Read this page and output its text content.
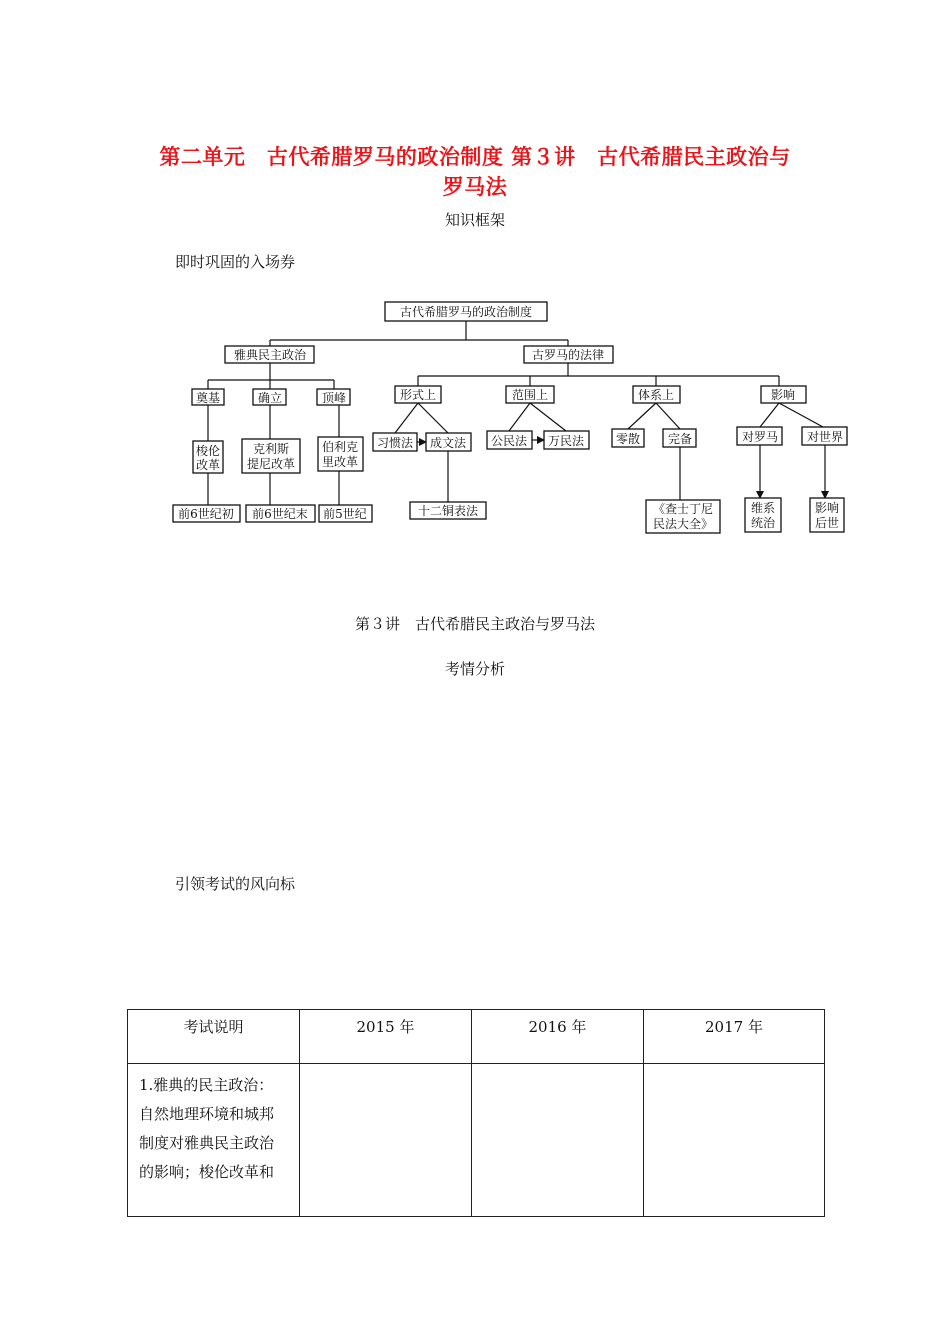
第二单元　古代希腊罗马的政治制度 第３讲　古代希腊民主政治与
罗马法
知识框架
即时巩固的入场券
古代希腊罗马的政治制度
雅典民主政治	古罗马的法律
奠基	确立	顶峰
梭伦
改革
克利斯
提尼改革
伯利克
里改革
前6世纪初 前6世纪末 前5世纪
形式上	范围上	体系上	影响
习惯法 成文法 公民法 万民法	零散 完备	对罗马 对世界
十二铜表法	《查士丁尼
民法大全》
维系
统治
影响
后世
第３讲　古代希腊民主政治与罗马法
考情分析
引领考试的风向标
考试说明	2015 年	2016 年	2017 年

1.雅典的民主政治：
自然地理环境和城邦
制度对雅典民主政治
的影响；梭伦改革和			
